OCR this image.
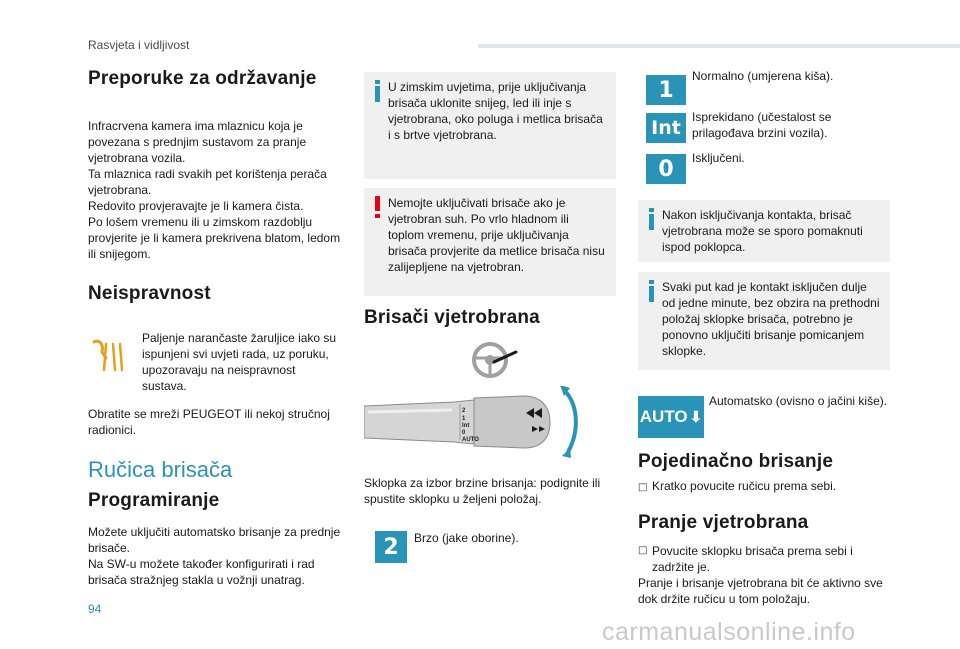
Rasvjeta i vidljivost
Preporuke za održavanje
Infracrvena kamera ima mlaznicu koja je
povezana s prednjim sustavom za pranje
vjetrobrana vozila.
Ta mlaznica radi svakih pet korištenja perača
vjetrobrana.
Redovito provjeravajte je li kamera čista.
Po lošem vremenu ili u zimskom razdoblju
provjerite je li kamera prekrivena blatom, ledom
ili snijegom.
Neispravnost
Paljenje narančaste žaruljice iako su
ispunjeni svi uvjeti rada, uz poruku,
upozoravaju na neispravnost
sustava.
Obratite se mreži PEUGEOT ili nekoj stručnoj
radionici.
Ručica brisača
Programiranje
Možete uključiti automatsko brisanje za prednje
brisače.
Na SW-u možete također konfigurirati i rad
brisača stražnjeg stakla u vožnji unatrag.
U zimskim uvjetima, prije uključivanja brisača uklonite snijeg, led ili inje s vjetrobrana, oko poluga i metlica brisača i s brtve vjetrobrana.
Nemojte uključivati brisače ako je vjetrobran suh. Po vrlo hladnom ili toplom vremenu, prije uključivanja brisača provjerite da metlice brisača nisu zalijepljene na vjetrobran.
Brisači vjetrobrana
2
1
Int
0
AUTO
Sklopka za izbor brzine brisanja: podignite ili
spustite sklopku u željeni položaj.
2	Brzo (jake oborine).
1
Normalno (umjerena kiša).
Int Isprekidano (učestalost se
prilagođava brzini vozila).
0	Isključeni.
Nakon isključivanja kontakta, brisač vjetrobrana može se sporo pomaknuti ispod poklopca.
Svaki put kad je kontakt isključen dulje od jedne minute, bez obzira na prethodni položaj sklopke brisača, potrebno je ponovno uključiti brisanje pomicanjem sklopke.
AUTO ⬇
Automatsko (ovisno o jačini kiše).
Pojedinačno brisanje
□ Kratko povucite ručicu prema sebi.
Pranje vjetrobrana
□ Povucite sklopku brisača prema sebi i
zadržite je.
Pranje i brisanje vjetrobrana bit će aktivno sve
dok držite ručicu u tom položaju.
94
carmanualsonline.info
